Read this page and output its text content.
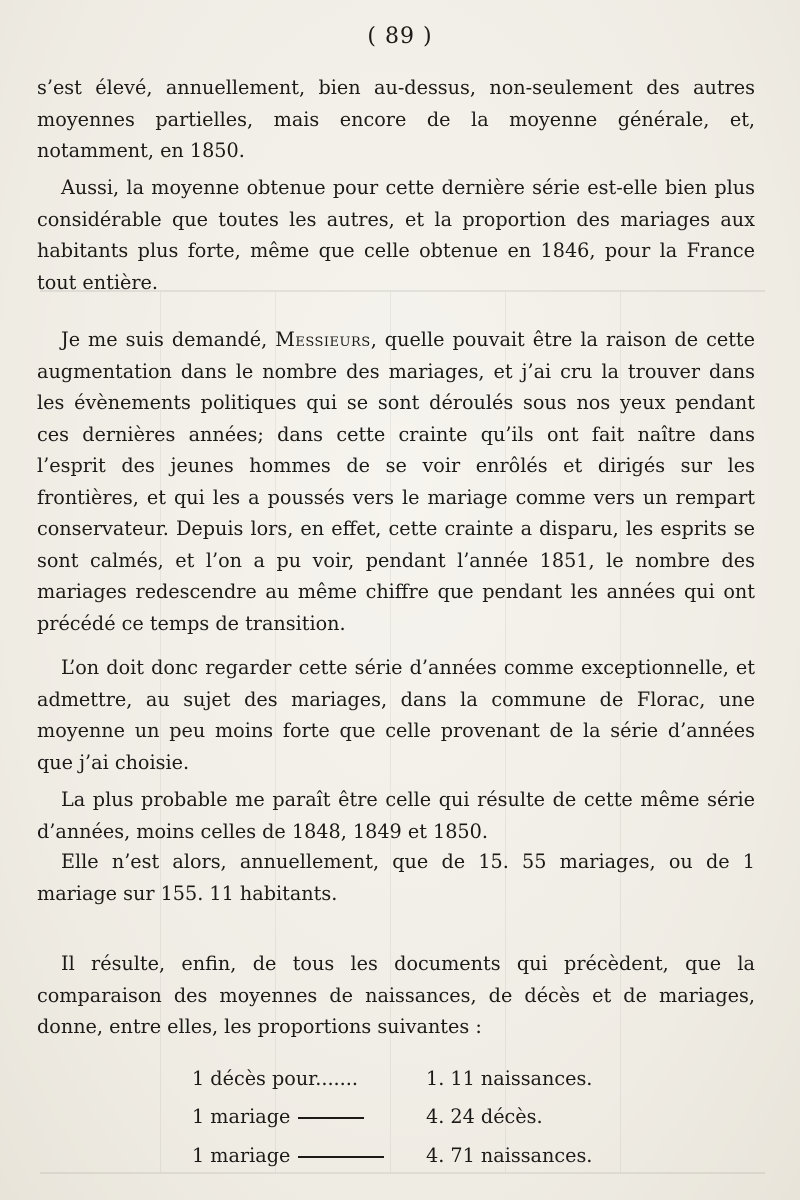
( 89 )

s’est élevé, annuellement, bien au-dessus, non-seulement des autres moyennes partielles, mais encore de la moyenne générale, et, notamment, en 1850.

Aussi, la moyenne obtenue pour cette dernière série est-elle bien plus considérable que toutes les autres, et la proportion des mariages aux habitants plus forte, même que celle obtenue en 1846, pour la France tout entière.

Je me suis demandé, Messieurs, quelle pouvait être la raison de cette augmentation dans le nombre des mariages, et j’ai cru la trouver dans les évènements politiques qui se sont déroulés sous nos yeux pendant ces dernières années; dans cette crainte qu’ils ont fait naître dans l’esprit des jeunes hommes de se voir enrôlés et dirigés sur les frontières, et qui les a poussés vers le mariage comme vers un rempart conservateur. Depuis lors, en effet, cette crainte a disparu, les esprits se sont calmés, et l’on a pu voir, pendant l’année 1851, le nombre des mariages redescendre au même chiffre que pendant les années qui ont précédé ce temps de transition.

L’on doit donc regarder cette série d’années comme exceptionnelle, et admettre, au sujet des mariages, dans la commune de Florac, une moyenne un peu moins forte que celle provenant de la série d’années que j’ai choisie.

La plus probable me paraît être celle qui résulte de cette même série d’années, moins celles de 1848, 1849 et 1850.

Elle n’est alors, annuellement, que de 15. 55 mariages, ou de 1 mariage sur 155. 11 habitants.

Il résulte, enfin, de tous les documents qui précèdent, que la comparaison des moyennes de naissances, de décès et de mariages, donne, entre elles, les proportions suivantes :

1 décès pour.......	1. 11 naissances.
1 mariage	4. 24 décès.
1 mariage	4. 71 naissances.
